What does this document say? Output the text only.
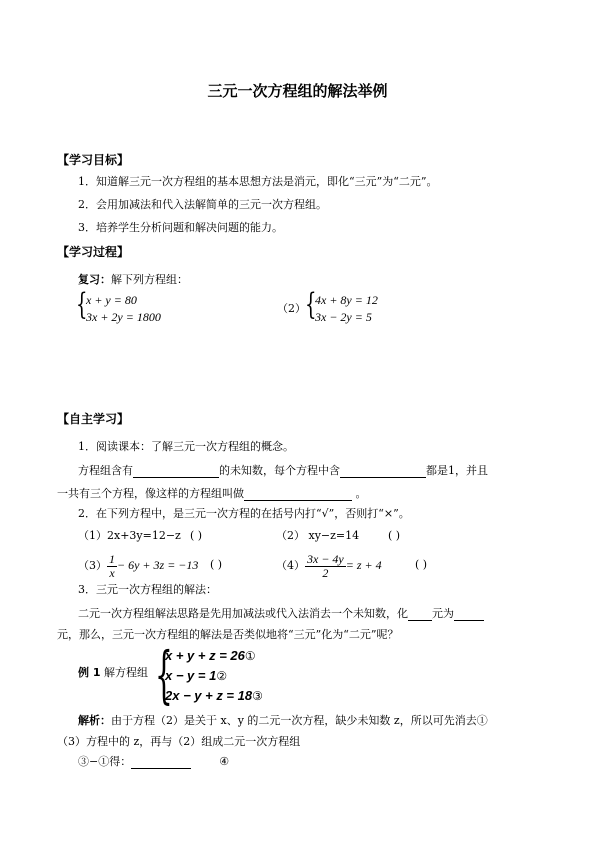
三元一次方程组的解法举例
【学习目标】
1．知道解三元一次方程组的基本思想方法是消元，即化“三元”为“二元”。
2．会用加减法和代入法解简单的三元一次方程组。
3．培养学生分析问题和解决问题的能力。
【学习过程】
复习：解下列方程组：
{
x + y = 80
3x + 2y = 1800
（2） {
4x + 8y = 12
3x − 2y = 5
【自主学习】
1．阅读课本：了解三元一次方程组的概念。
方程组含有	的未知数，每个方程中含	都是1，并且
一共有三个方程，像这样的方程组叫做	。
2．在下列方程中，是三元一次方程的在括号内打“√”，否则打“×”。
（1）2x+3y=12−z ( )	（2） xy−z=14	( )
$(3) \frac{1}{x} - 6y + 3z = -13$ ( )	$(4) \frac{3x - 4y}{2} = z + 4$	( )
3．三元一次方程组的解法：
二元一次方程组解法思路是先用加减法或代入法消去一个未知数，化 元为
元，那么，三元一次方程组的解法是否类似地将“三元”化为“二元”呢？
例 1 解方程组 {
x + y + z = 26①
x − y = 1②
2x − y + z = 18③
解析：由于方程（2）是关于 x、y 的二元一次方程，缺少未知数 z，所以可先消去①
（3）方程中的 z，再与（2）组成二元一次方程组
③−①得：	④
